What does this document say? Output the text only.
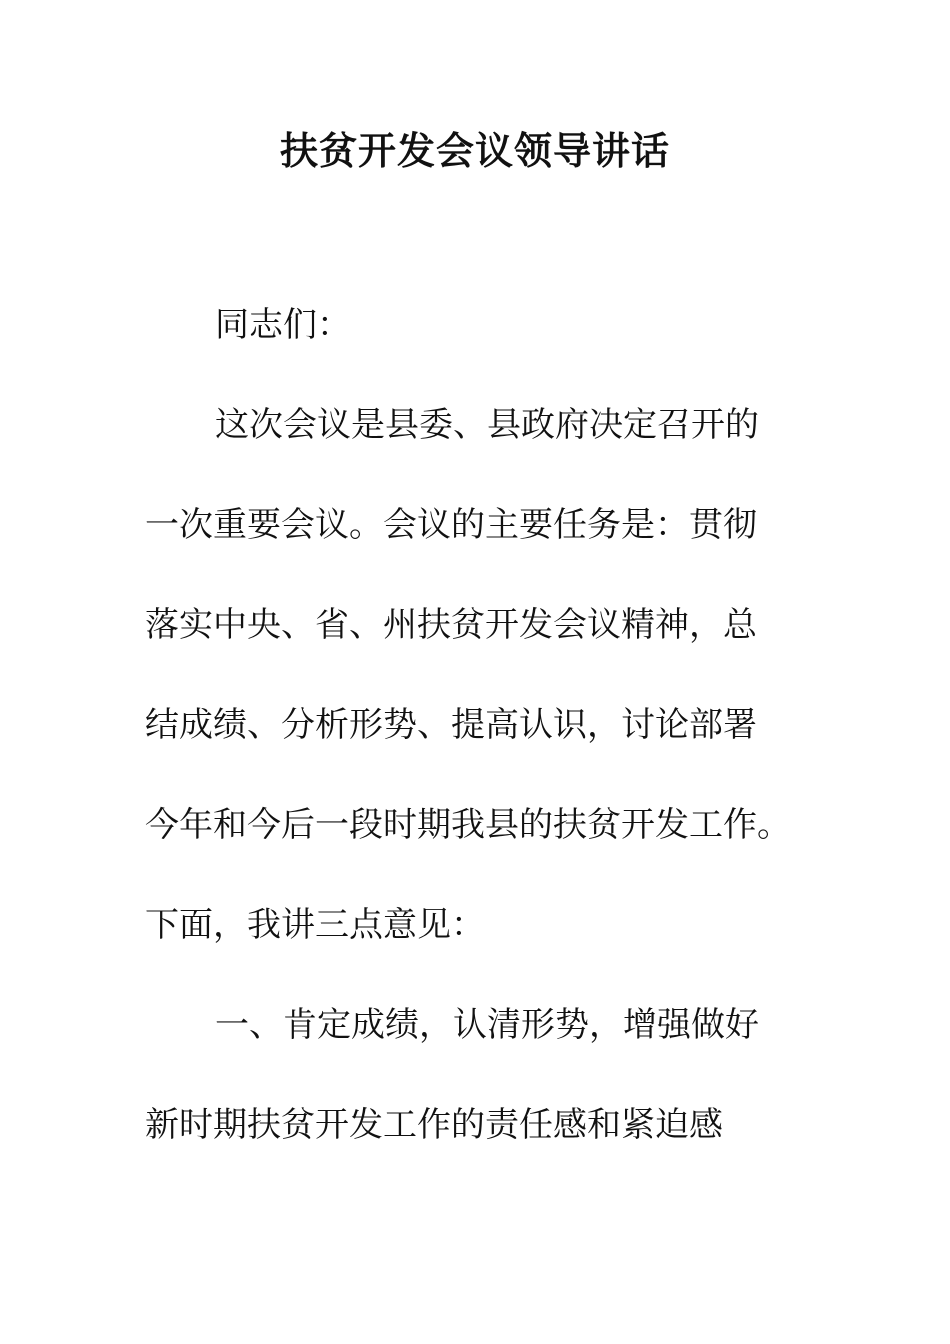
扶贫开发会议领导讲话
同志们：
这次会议是县委、县政府决定召开的
一次重要会议。会议的主要任务是：贯彻
落实中央、省、州扶贫开发会议精神，总
结成绩、分析形势、提高认识，讨论部署
今年和今后一段时期我县的扶贫开发工作。
下面，我讲三点意见：
一、肯定成绩，认清形势，增强做好
新时期扶贫开发工作的责任感和紧迫感
